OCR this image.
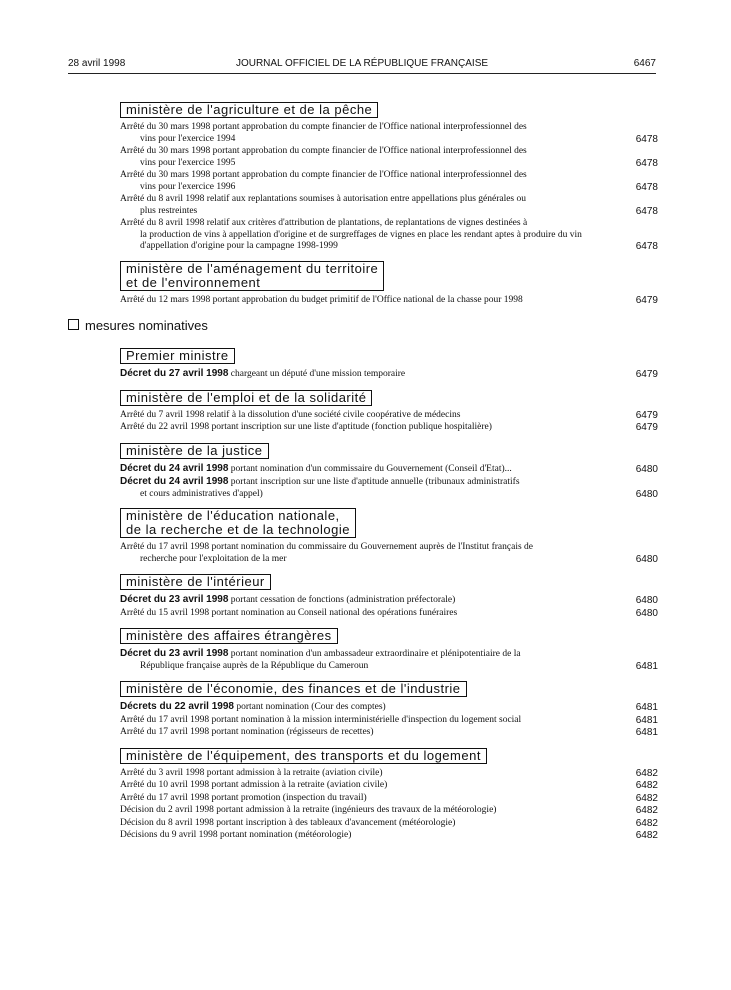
28 avril 1998	JOURNAL OFFICIEL DE LA RÉPUBLIQUE FRANÇAISE	6467
ministère de l'agriculture et de la pêche
Arrêté du 30 mars 1998 portant approbation du compte financier de l'Office national interprofessionnel des
vins pour l'exercice 1994	6478
Arrêté du 30 mars 1998 portant approbation du compte financier de l'Office national interprofessionnel des
vins pour l'exercice 1995	6478
Arrêté du 30 mars 1998 portant approbation du compte financier de l'Office national interprofessionnel des
vins pour l'exercice 1996	6478
Arrêté du 8 avril 1998 relatif aux replantations soumises à autorisation entre appellations plus générales ou
plus restreintes	6478
Arrêté du 8 avril 1998 relatif aux critères d'attribution de plantations, de replantations de vignes destinées à
la production de vins à appellation d'origine et de surgreffages de vignes en place les rendant aptes à produire du vin d'appellation d'origine pour la campagne 1998-1999	6478
ministère de l'aménagement du territoire
et de l'environnement
Arrêté du 12 mars 1998 portant approbation du budget primitif de l'Office national de la chasse pour 1998	6479
mesures nominatives
Premier ministre
Décret du 27 avril 1998 chargeant un député d'une mission temporaire	6479
ministère de l'emploi et de la solidarité
Arrêté du 7 avril 1998 relatif à la dissolution d'une société civile coopérative de médecins	6479
Arrêté du 22 avril 1998 portant inscription sur une liste d'aptitude (fonction publique hospitalière)	6479
ministère de la justice
Décret du 24 avril 1998 portant nomination d'un commissaire du Gouvernement (Conseil d'Etat)...	6480
Décret du 24 avril 1998 portant inscription sur une liste d'aptitude annuelle (tribunaux administratifs
et cours administratives d'appel)	6480
ministère de l'éducation nationale,
de la recherche et de la technologie
Arrêté du 17 avril 1998 portant nomination du commissaire du Gouvernement auprès de l'Institut français de
recherche pour l'exploitation de la mer	6480
ministère de l'intérieur
Décret du 23 avril 1998 portant cessation de fonctions (administration préfectorale)	6480
Arrêté du 15 avril 1998 portant nomination au Conseil national des opérations funéraires	6480
ministère des affaires étrangères
Décret du 23 avril 1998 portant nomination d'un ambassadeur extraordinaire et plénipotentiaire de la
République française auprès de la République du Cameroun	6481
ministère de l'économie, des finances et de l'industrie
Décrets du 22 avril 1998 portant nomination (Cour des comptes)	6481
Arrêté du 17 avril 1998 portant nomination à la mission interministérielle d'inspection du logement social	6481
Arrêté du 17 avril 1998 portant nomination (régisseurs de recettes)	6481
ministère de l'équipement, des transports et du logement
Arrêté du 3 avril 1998 portant admission à la retraite (aviation civile)	6482
Arrêté du 10 avril 1998 portant admission à la retraite (aviation civile)	6482
Arrêté du 17 avril 1998 portant promotion (inspection du travail)	6482
Décision du 2 avril 1998 portant admission à la retraite (ingénieurs des travaux de la météorologie)	6482
Décision du 8 avril 1998 portant inscription à des tableaux d'avancement (météorologie)	6482
Décisions du 9 avril 1998 portant nomination (météorologie)	6482
